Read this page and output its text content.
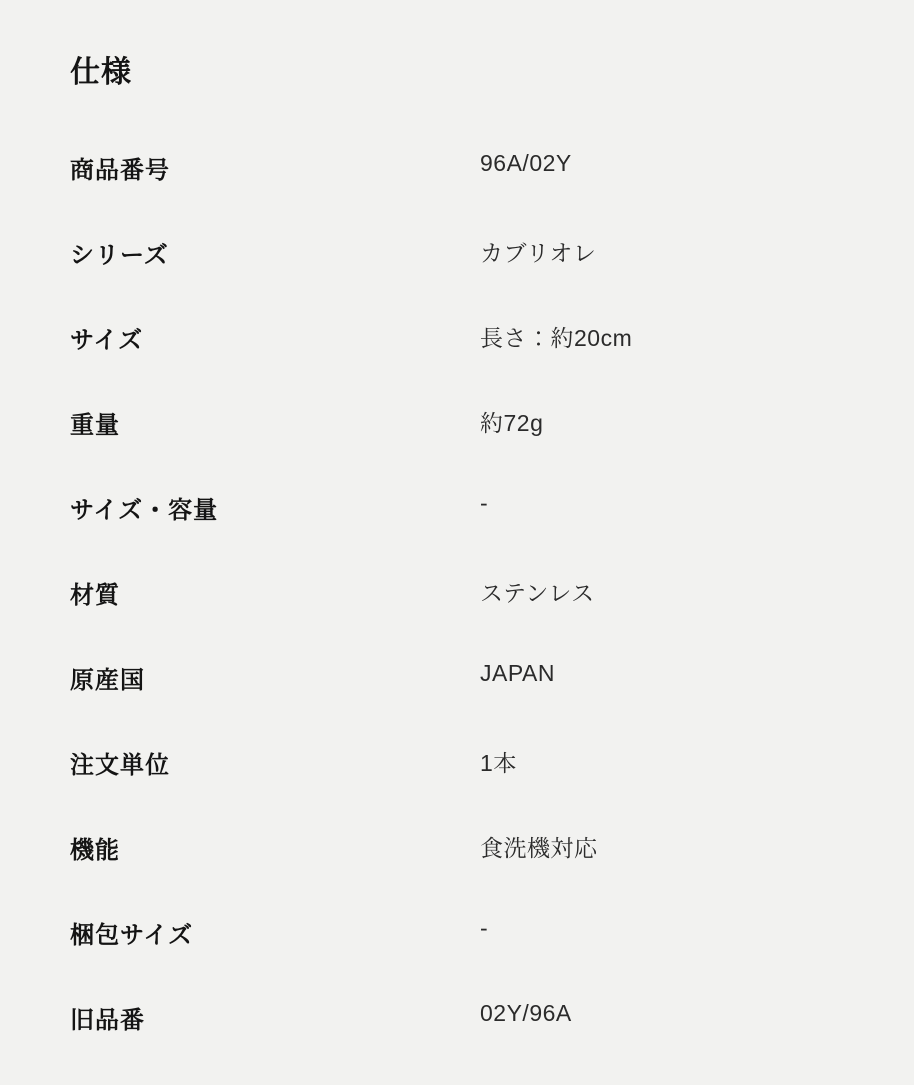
仕様
商品番号	96A/02Y
シリーズ	カブリオレ
サイズ	長さ：約20cm
重量	約72g
サイズ・容量	-
材質	ステンレス
原産国	JAPAN
注文単位	1本
機能	食洗機対応
梱包サイズ	-
旧品番	02Y/96A
